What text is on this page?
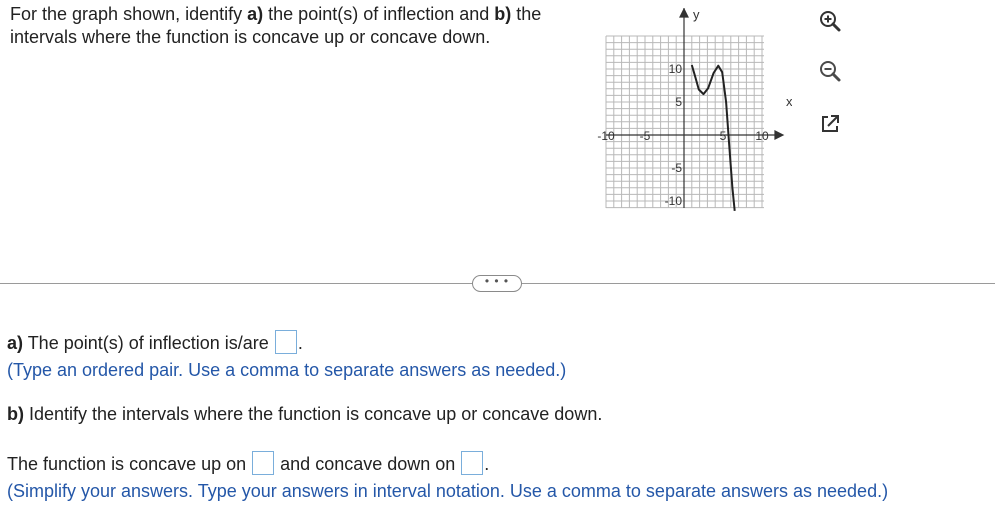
For the graph shown, identify a) the point(s) of inflection and b) the intervals where the function is concave up or concave down.
-10 -5	5 10
10
5
-5
-10
y
x
• • •
a) The point(s) of inflection is/are .
(Type an ordered pair. Use a comma to separate answers as needed.)
b) Identify the intervals where the function is concave up or concave down.
The function is concave up on  and concave down on .
(Simplify your answers. Type your answers in interval notation. Use a comma to separate answers as needed.)
